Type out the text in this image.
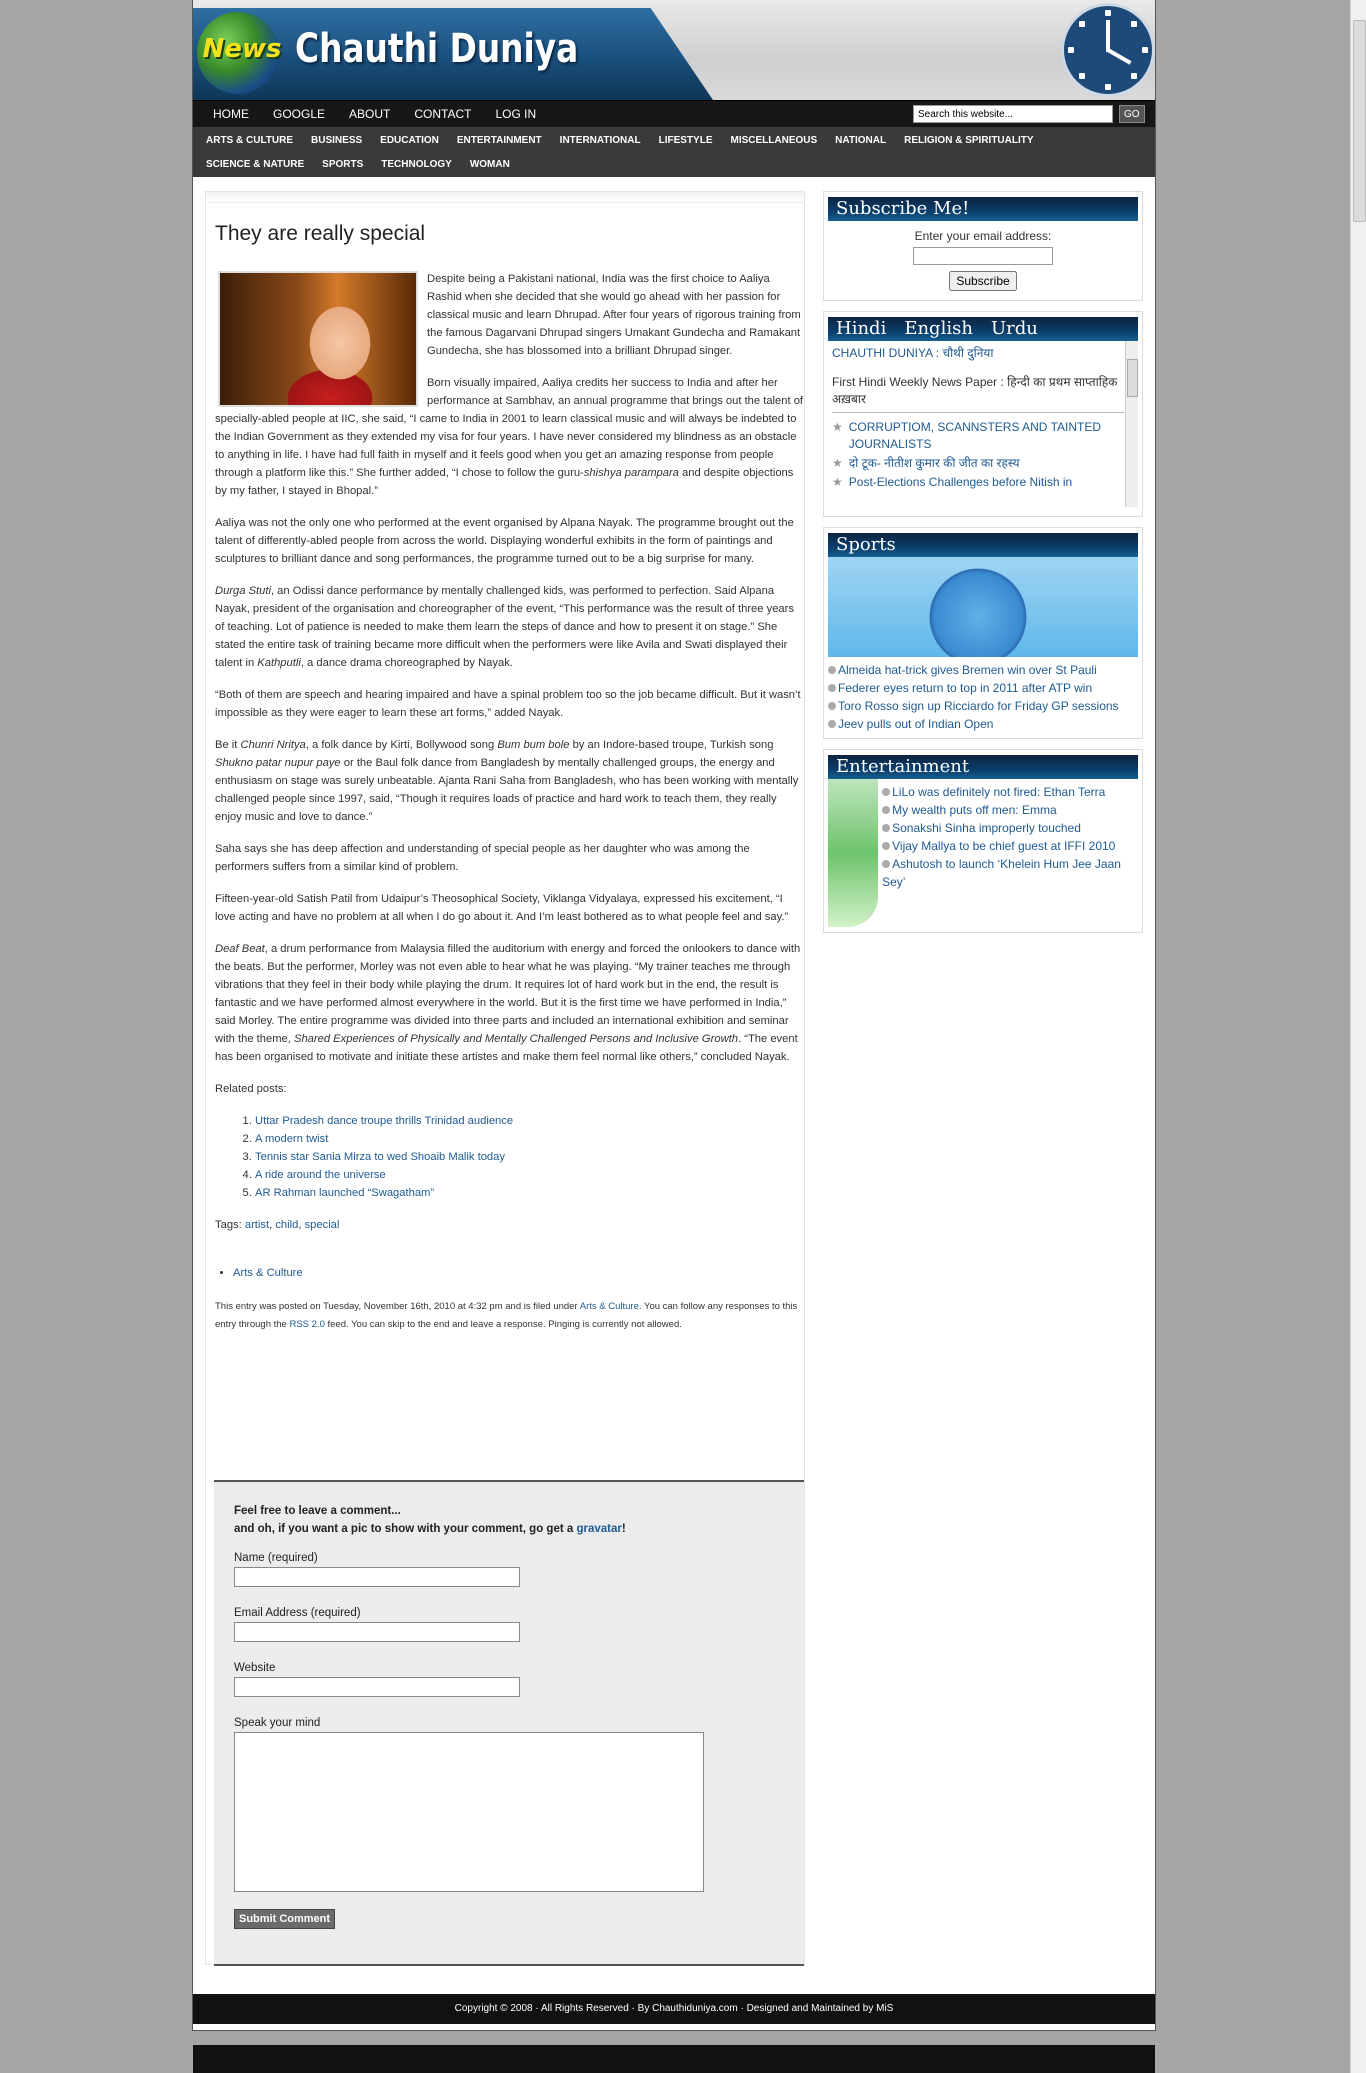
News Chauthi Duniya
HOME	GOOGLE	ABOUT	CONTACT	LOG IN
Search this website...	GO
ARTS & CULTURE	BUSINESS	EDUCATION	ENTERTAINMENT	INTERNATIONAL	LIFESTYLE	MISCELLANEOUS	NATIONAL	RELIGION & SPIRITUALITY
SCIENCE & NATURE	SPORTS	TECHNOLOGY	WOMAN
They are really special

Despite being a Pakistani national, India was the first choice to Aaliya Rashid when she decided that she would go ahead with her passion for classical music and learn Dhrupad. After four years of rigorous training from the famous Dagarvani Dhrupad singers Umakant Gundecha and Ramakant Gundecha, she has blossomed into a brilliant Dhrupad singer.

Born visually impaired, Aaliya credits her success to India and after her performance at Sambhav, an annual programme that brings out the talent of specially-abled people at IIC, she said, “I came to India in 2001 to learn classical music and will always be indebted to the Indian Government as they extended my visa for four years. I have never considered my blindness as an obstacle to anything in life. I have had full faith in myself and it feels good when you get an amazing response from people through a platform like this.” She further added, “I chose to follow the guru-shishya parampara and despite objections by my father, I stayed in Bhopal.”

Aaliya was not the only one who performed at the event organised by Alpana Nayak. The programme brought out the talent of differently-abled people from across the world. Displaying wonderful exhibits in the form of paintings and sculptures to brilliant dance and song performances, the programme turned out to be a big surprise for many.

Durga Stuti, an Odissi dance performance by mentally challenged kids, was performed to perfection. Said Alpana Nayak, president of the organisation and choreographer of the event, “This performance was the result of three years of teaching. Lot of patience is needed to make them learn the steps of dance and how to present it on stage.” She stated the entire task of training became more difficult when the performers were like Avila and Swati displayed their talent in Kathputli, a dance drama choreographed by Nayak.

“Both of them are speech and hearing impaired and have a spinal problem too so the job became difficult. But it wasn’t impossible as they were eager to learn these art forms,” added Nayak.

Be it Chunri Nritya, a folk dance by Kirti, Bollywood song Bum bum bole by an Indore-based troupe, Turkish song Shukno patar nupur paye or the Baul folk dance from Bangladesh by mentally challenged groups, the energy and enthusiasm on stage was surely unbeatable. Ajanta Rani Saha from Bangladesh, who has been working with mentally challenged people since 1997, said, “Though it requires loads of practice and hard work to teach them, they really enjoy music and love to dance.”

Saha says she has deep affection and understanding of special people as her daughter who was among the performers suffers from a similar kind of problem.

Fifteen-year-old Satish Patil from Udaipur’s Theosophical Society, Viklanga Vidyalaya, expressed his excitement, “I love acting and have no problem at all when I do go about it. And I’m least bothered as to what people feel and say.”

Deaf Beat, a drum performance from Malaysia filled the auditorium with energy and forced the onlookers to dance with the beats. But the performer, Morley was not even able to hear what he was playing. “My trainer teaches me through vibrations that they feel in their body while playing the drum. It requires lot of hard work but in the end, the result is fantastic and we have performed almost everywhere in the world. But it is the first time we have performed in India,” said Morley. The entire programme was divided into three parts and included an international exhibition and seminar with the theme, Shared Experiences of Physically and Mentally Challenged Persons and Inclusive Growth. “The event has been organised to motivate and initiate these artistes and make them feel normal like others,” concluded Nayak.

Related posts:
1. Uttar Pradesh dance troupe thrills Trinidad audience
2. A modern twist
3. Tennis star Sania Mirza to wed Shoaib Malik today
4. A ride around the universe
5. AR Rahman launched “Swagatham”
Tags: artist, child, special
• Arts & Culture
This entry was posted on Tuesday, November 16th, 2010 at 4:32 pm and is filed under Arts & Culture. You can follow any responses to this entry through the RSS 2.0 feed. You can skip to the end and leave a response. Pinging is currently not allowed.
Feel free to leave a comment...
and oh, if you want a pic to show with your comment, go get a gravatar!
Name (required)
Email Address (required)
Website
Speak your mind
Submit Comment
Subscribe Me!
Enter your email address:

Subscribe
Hindi English Urdu
CHAUTHI DUNIYA : चौथी दुनिया
First Hindi Weekly News Paper : हिन्दी का प्रथम साप्ताहिक अख़बार
★ CORRUPTIOM, SCANNSTERS AND TAINTED JOURNALISTS
★ दो टूक- नीतीश कुमार की जीत का रहस्य
★ Post-Elections Challenges before Nitish in
Sports
Almeida hat-trick gives Bremen win over St Pauli
Federer eyes return to top in 2011 after ATP win
Toro Rosso sign up Ricciardo for Friday GP sessions
Jeev pulls out of Indian Open
Entertainment
LiLo was definitely not fired: Ethan Terra
My wealth puts off men: Emma
Sonakshi Sinha improperly touched
Vijay Mallya to be chief guest at IFFI 2010
Ashutosh to launch ‘Khelein Hum Jee Jaan Sey’
Copyright © 2008 · All Rights Reserved · By Chauthiduniya.com · Designed and Maintained by MiS
